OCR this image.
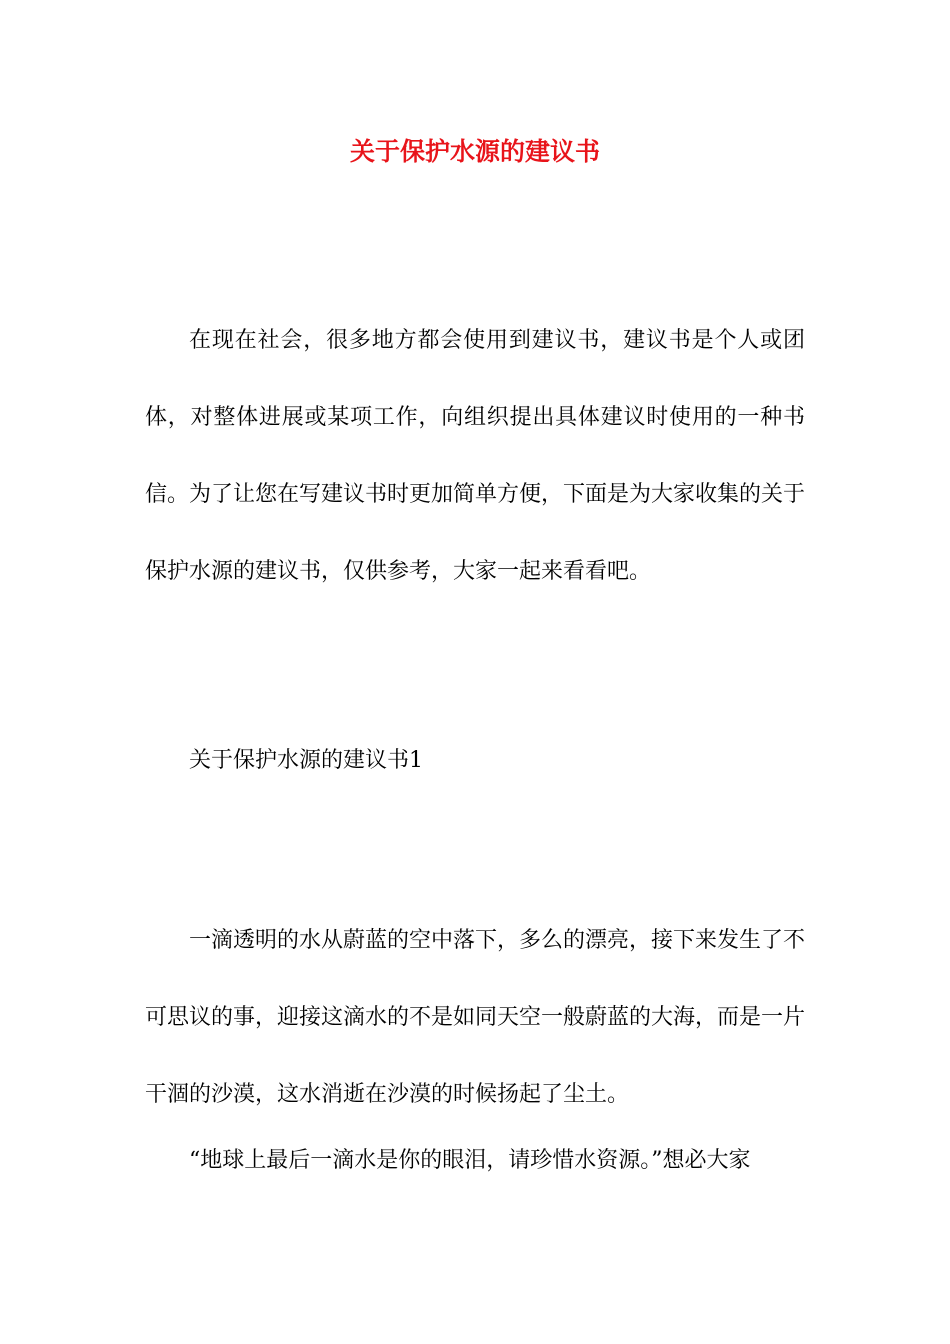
关于保护水源的建议书

在现在社会，很多地方都会使用到建议书，建议书是个人或团体，对整体进展或某项工作，向组织提出具体建议时使用的一种书信。为了让您在写建议书时更加简单方便，下面是为大家收集的关于保护水源的建议书，仅供参考，大家一起来看看吧。

关于保护水源的建议书1

一滴透明的水从蔚蓝的空中落下，多么的漂亮，接下来发生了不可思议的事，迎接这滴水的不是如同天空一般蔚蓝的大海，而是一片干涸的沙漠，这水消逝在沙漠的时候扬起了尘土。

“地球上最后一滴水是你的眼泪，请珍惜水资源。”想必大家
